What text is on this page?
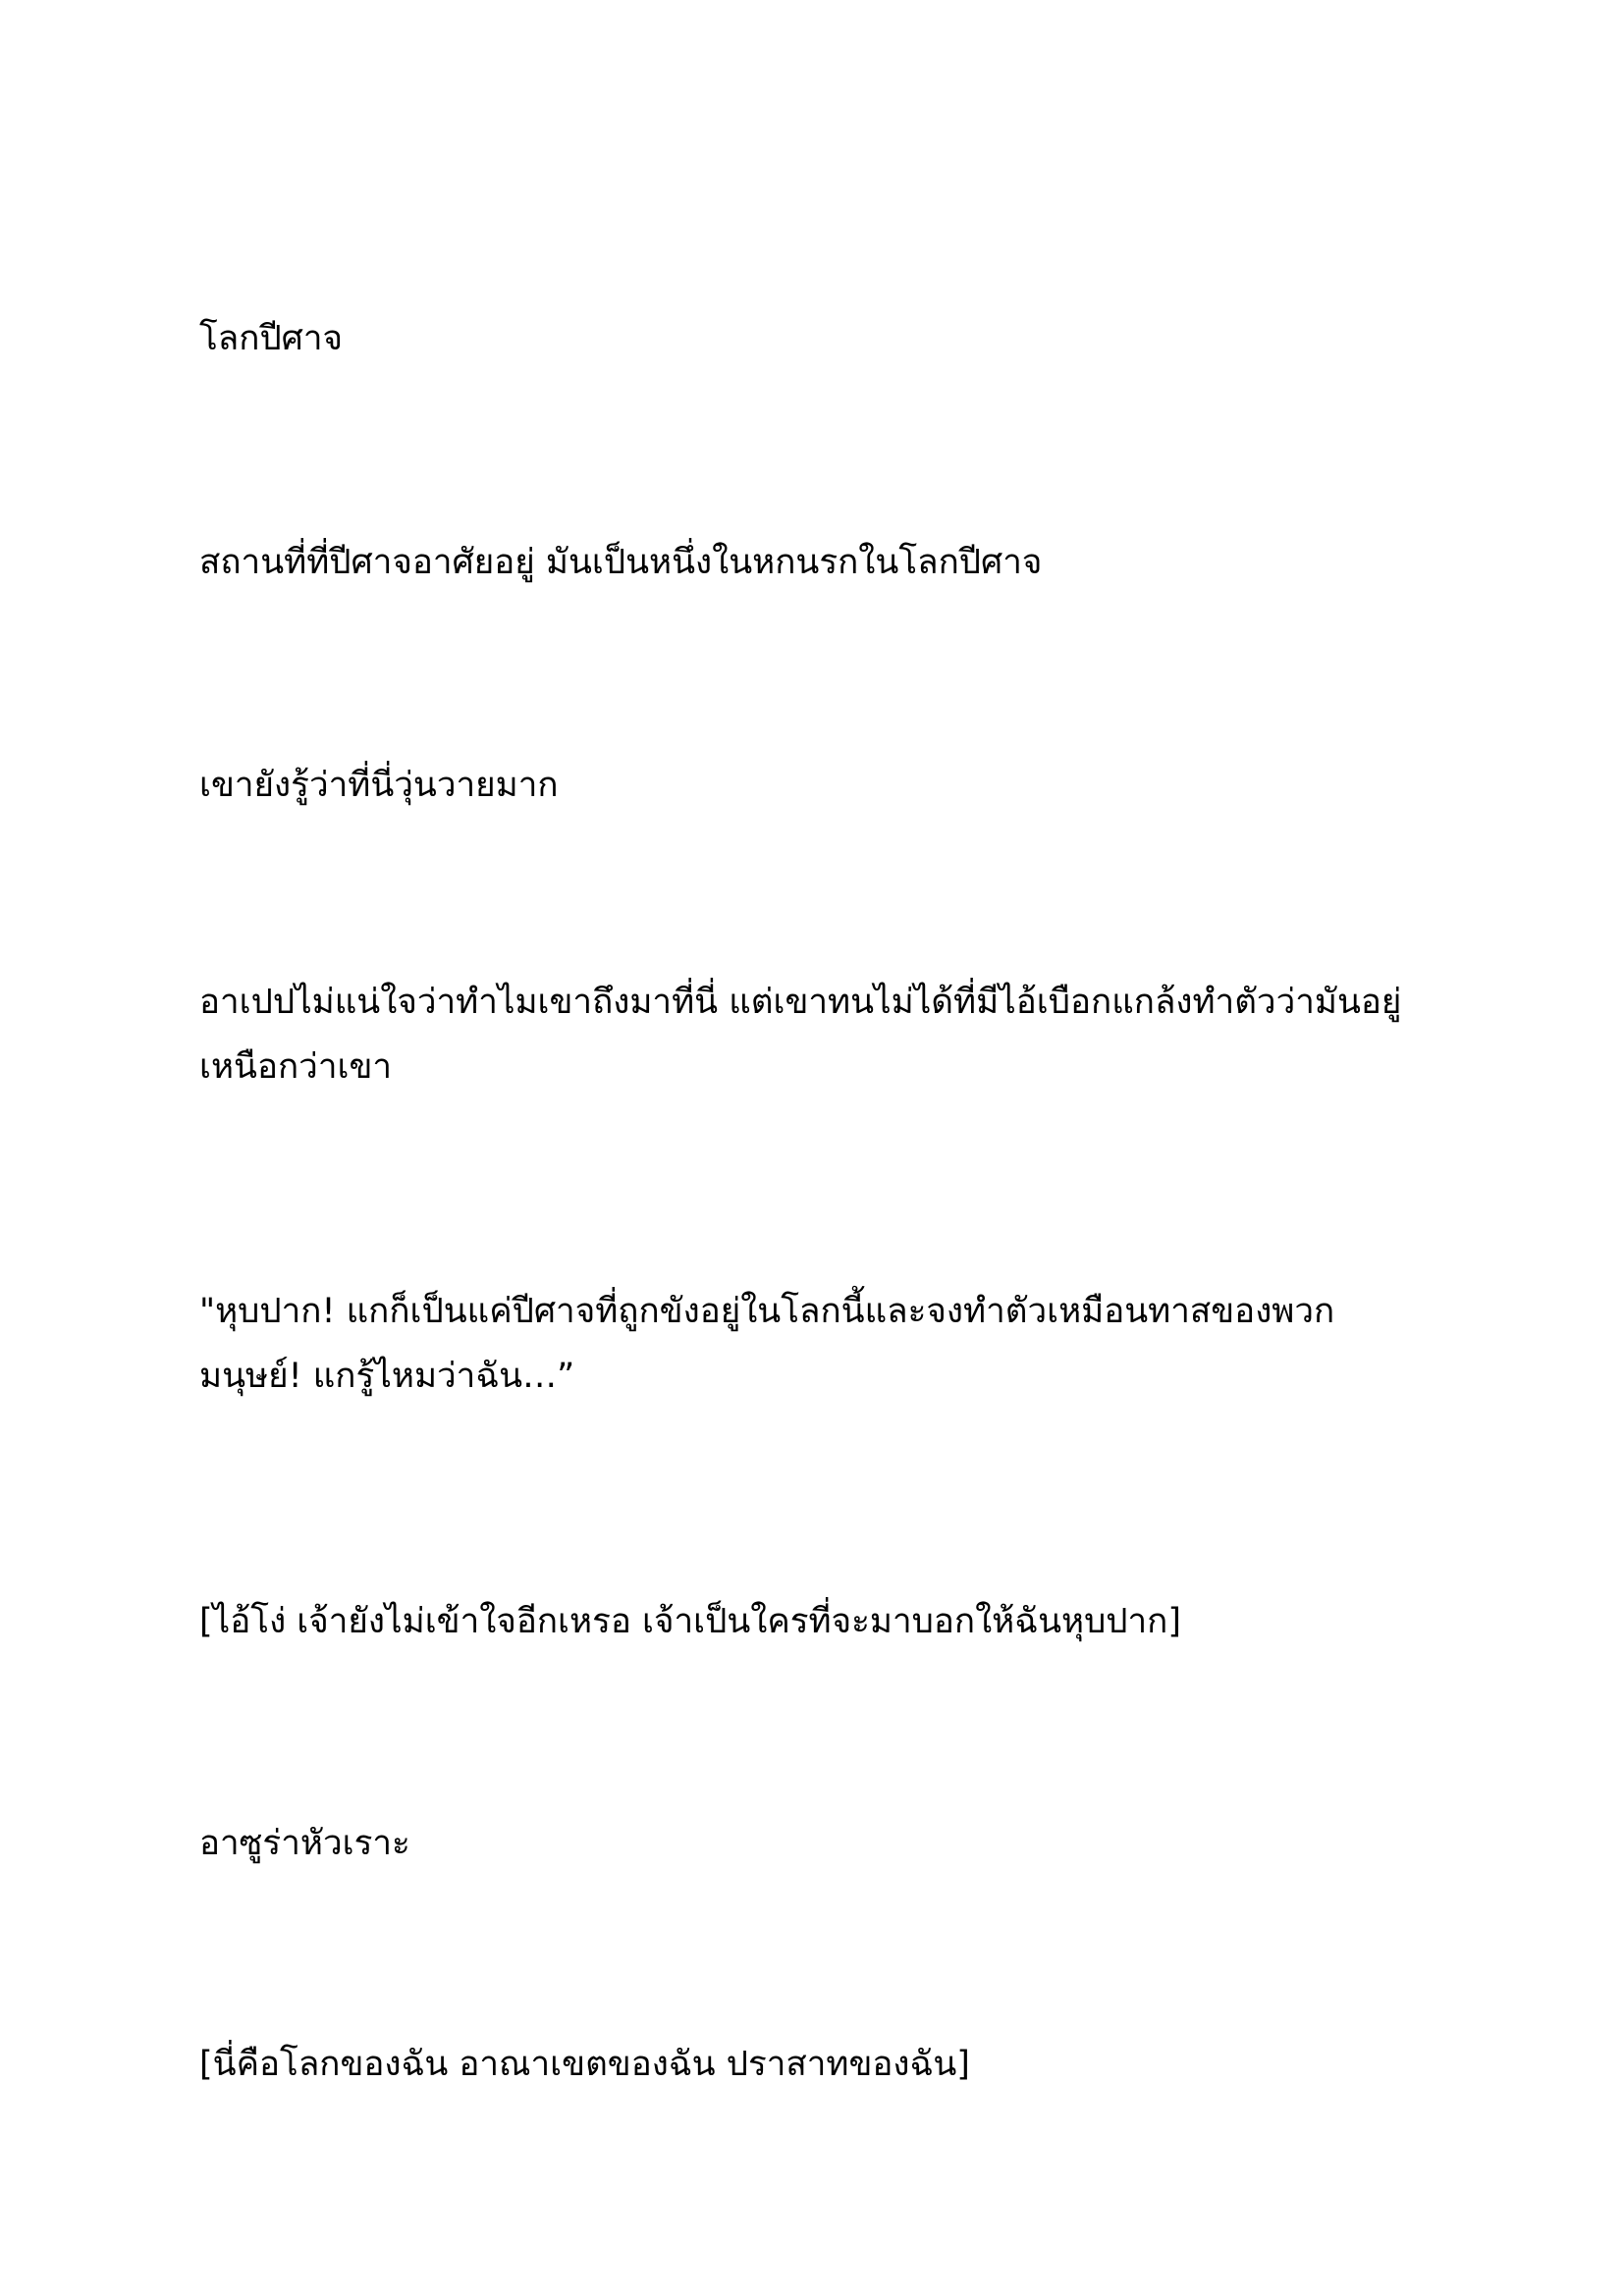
โลกปีศาจ

สถานที่ที่ปีศาจอาศัยอยู่ มันเป็นหนึ่งในหกนรกในโลกปีศาจ

เขายังรู้ว่าที่นี่วุ่นวายมาก

อาเปปไม่แน่ใจว่าทำไมเขาถึงมาที่นี่ แต่เขาทนไม่ได้ที่มีไอ้เบือกแกล้งทำตัวว่ามันอยู่เหนือกว่าเขา

"หุบปาก! แกก็เป็นแค่ปีศาจที่ถูกขังอยู่ในโลกนี้และจงทำตัวเหมือนทาสของพวกมนุษย์! แกรู้ไหมว่าฉัน…”

[ไอ้โง่ เจ้ายังไม่เข้าใจอีกเหรอ เจ้าเป็นใครที่จะมาบอกให้ฉันหุบปาก]

อาซูร่าหัวเราะ

[นี่คือโลกของฉัน อาณาเขตของฉัน ปราสาทของฉัน]
